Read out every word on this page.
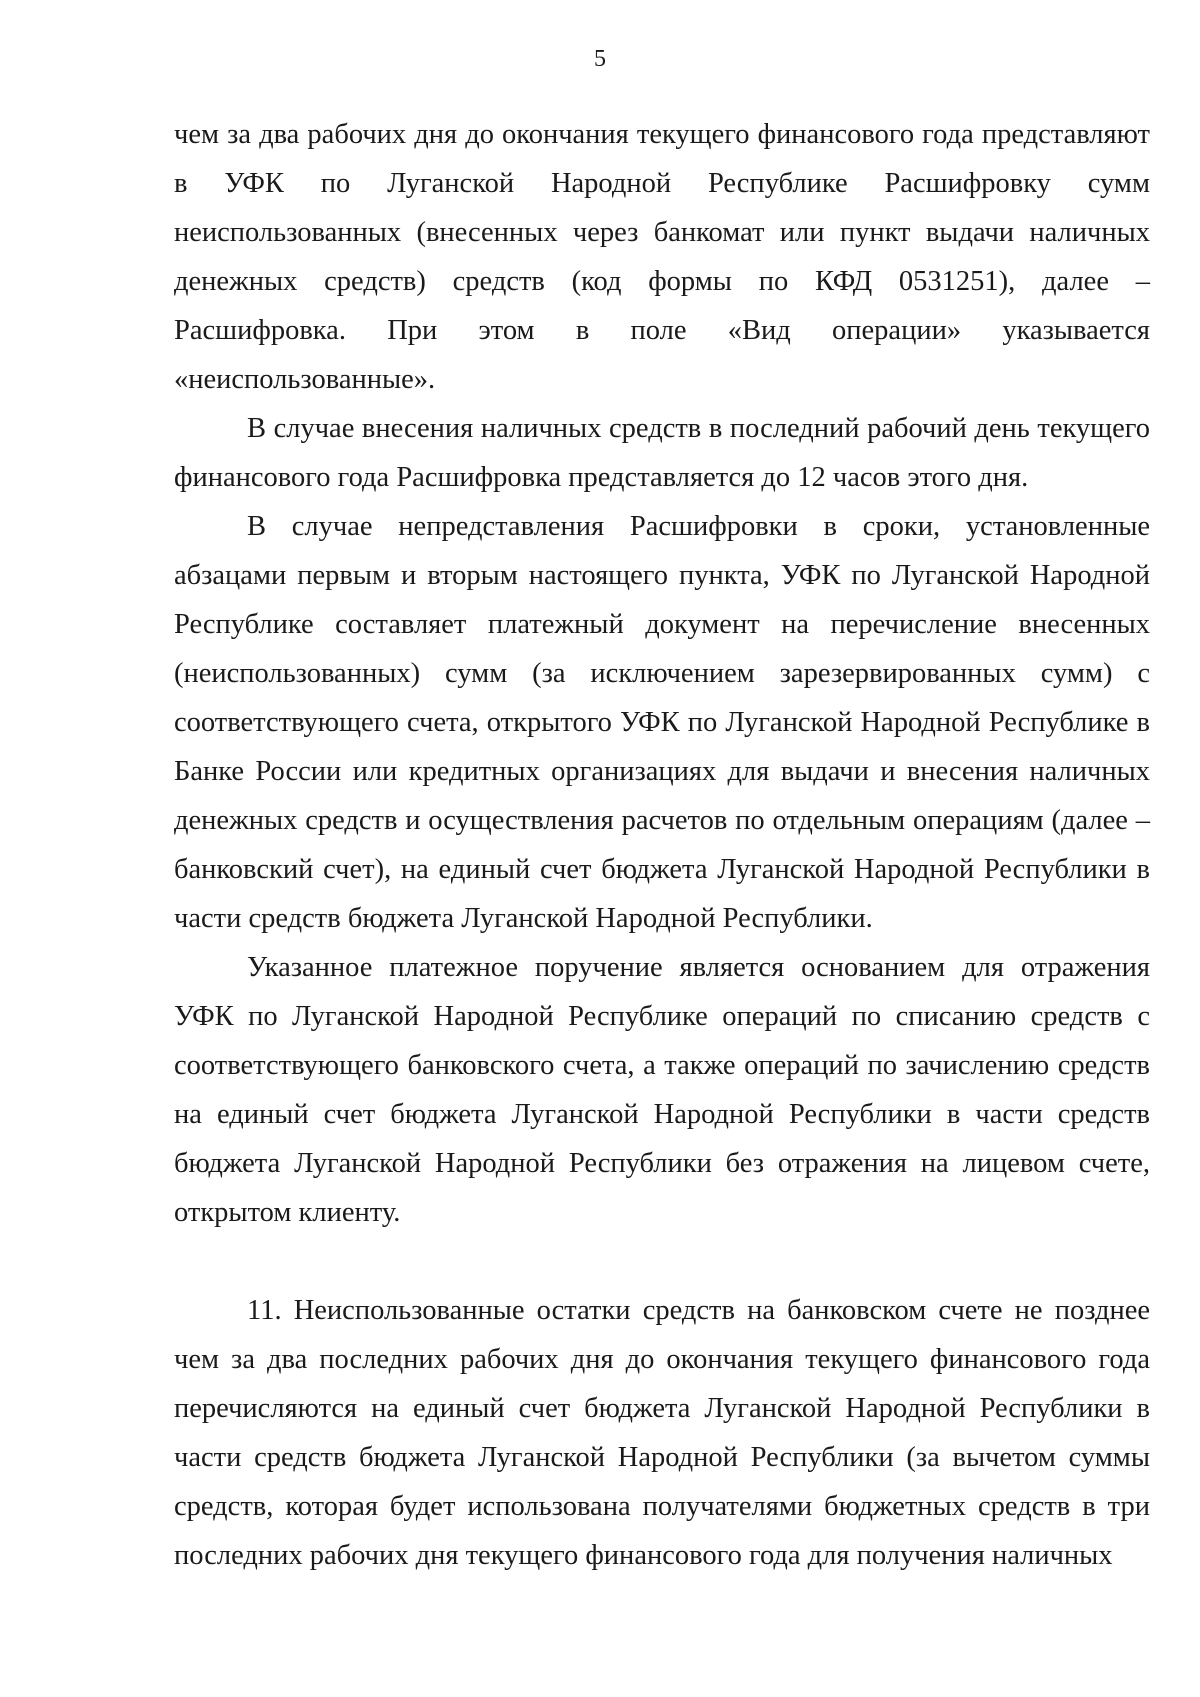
5

чем за два рабочих дня до окончания текущего финансового года представляют в УФК по Луганской Народной Республике Расшифровку сумм неиспользованных (внесенных через банкомат или пункт выдачи наличных денежных средств) средств (код формы по КФД 0531251), далее – Расшифровка. При этом в поле «Вид операции» указывается «неиспользованные».

В случае внесения наличных средств в последний рабочий день текущего финансового года Расшифровка представляется до 12 часов этого дня.

В случае непредставления Расшифровки в сроки, установленные абзацами первым и вторым настоящего пункта, УФК по Луганской Народной Республике составляет платежный документ на перечисление внесенных (неиспользованных) сумм (за исключением зарезервированных сумм) с соответствующего счета, открытого УФК по Луганской Народной Республике в Банке России или кредитных организациях для выдачи и внесения наличных денежных средств и осуществления расчетов по отдельным операциям (далее – банковский счет), на единый счет бюджета Луганской Народной Республики в части средств бюджета Луганской Народной Республики.

Указанное платежное поручение является основанием для отражения УФК по Луганской Народной Республике операций по списанию средств с соответствующего банковского счета, а также операций по зачислению средств на единый счет бюджета Луганской Народной Республики в части средств бюджета Луганской Народной Республики без отражения на лицевом счете, открытом клиенту.

11. Неиспользованные остатки средств на банковском счете не позднее чем за два последних рабочих дня до окончания текущего финансового года перечисляются на единый счет бюджета Луганской Народной Республики в части средств бюджета Луганской Народной Республики (за вычетом суммы средств, которая будет использована получателями бюджетных средств в три последних рабочих дня текущего финансового года для получения наличных
